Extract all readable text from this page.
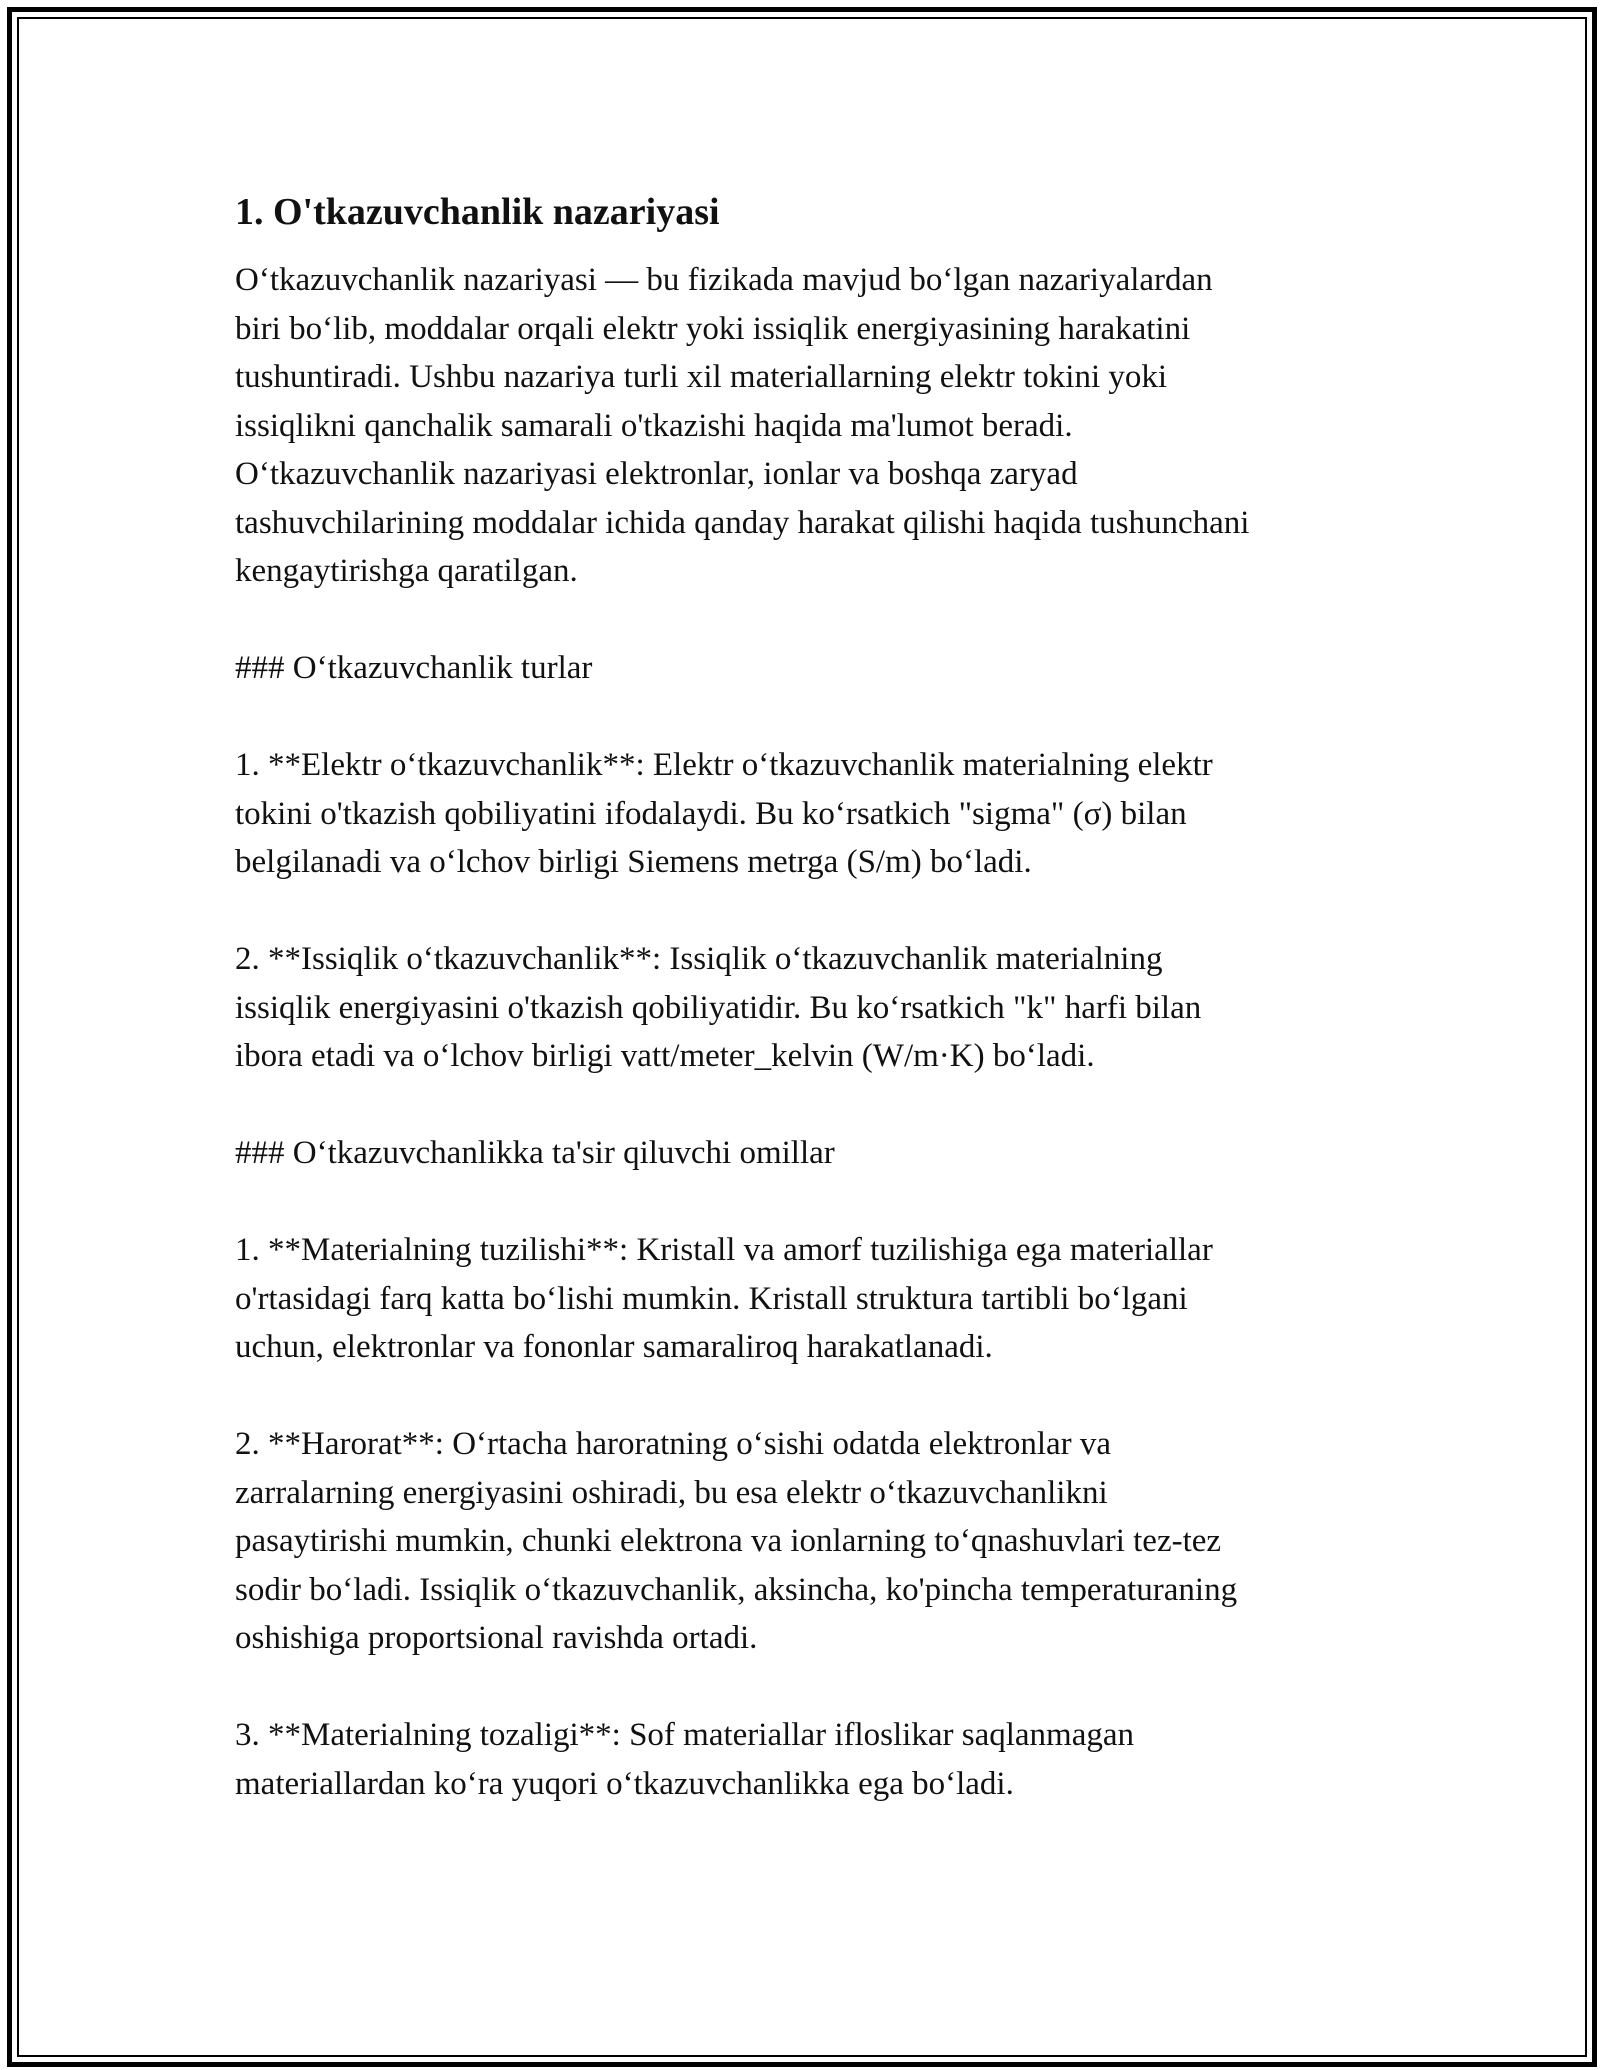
1. O'tkazuvchanlik nazariyasi
O‘tkazuvchanlik nazariyasi — bu fizikada mavjud bo‘lgan nazariyalardan
biri bo‘lib, moddalar orqali elektr yoki issiqlik energiyasining harakatini
tushuntiradi. Ushbu nazariya turli xil materiallarning elektr tokini yoki
issiqlikni qanchalik samarali o'tkazishi haqida ma'lumot beradi.
O‘tkazuvchanlik nazariyasi elektronlar, ionlar va boshqa zaryad
tashuvchilarining moddalar ichida qanday harakat qilishi haqida tushunchani
kengaytirishga qaratilgan.
### O‘tkazuvchanlik turlar
1. **Elektr o‘tkazuvchanlik**: Elektr o‘tkazuvchanlik materialning elektr
tokini o'tkazish qobiliyatini ifodalaydi. Bu ko‘rsatkich "sigma" (σ) bilan
belgilanadi va o‘lchov birligi Siemens metrga (S/m) bo‘ladi.
2. **Issiqlik o‘tkazuvchanlik**: Issiqlik o‘tkazuvchanlik materialning
issiqlik energiyasini o'tkazish qobiliyatidir. Bu ko‘rsatkich "k" harfi bilan
ibora etadi va o‘lchov birligi vatt/meter_kelvin (W/m·K) bo‘ladi.
### O‘tkazuvchanlikka ta'sir qiluvchi omillar
1. **Materialning tuzilishi**: Kristall va amorf tuzilishiga ega materiallar
o'rtasidagi farq katta bo‘lishi mumkin. Kristall struktura tartibli bo‘lgani
uchun, elektronlar va fononlar samaraliroq harakatlanadi.
2. **Harorat**: O‘rtacha haroratning o‘sishi odatda elektronlar va
zarralarning energiyasini oshiradi, bu esa elektr o‘tkazuvchanlikni
pasaytirishi mumkin, chunki elektrona va ionlarning to‘qnashuvlari tez-tez
sodir bo‘ladi. Issiqlik o‘tkazuvchanlik, aksincha, ko'pincha temperaturaning
oshishiga proportsional ravishda ortadi.
3. **Materialning tozaligi**: Sof materiallar ifloslikar saqlanmagan
materiallardan ko‘ra yuqori o‘tkazuvchanlikka ega bo‘ladi.
